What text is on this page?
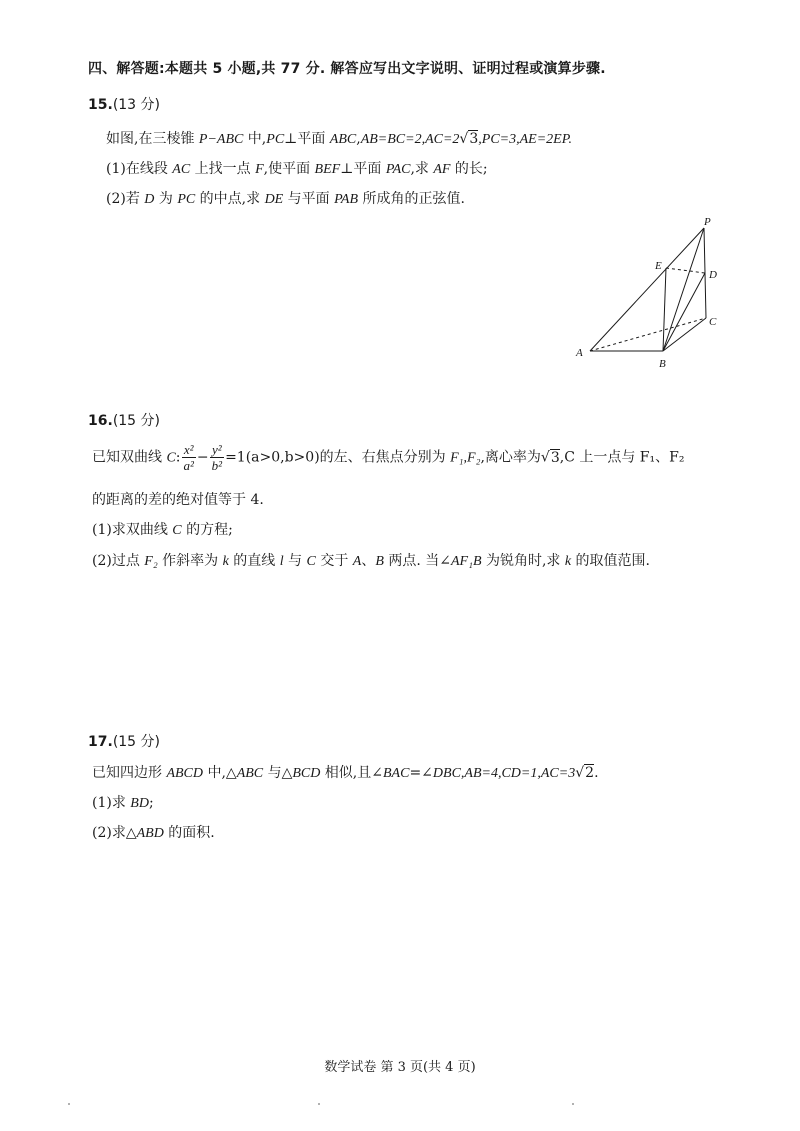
四、解答题:本题共 5 小题,共 77 分. 解答应写出文字说明、证明过程或演算步骤.
15.(13 分)
如图,在三棱锥 P−ABC 中,PC⊥平面 ABC,AB=BC=2,AC=2√3,PC=3,AE=2EP.
(1)在线段 AC 上找一点 F,使平面 BEF⊥平面 PAC,求 AF 的长;
(2)若 D 为 PC 的中点,求 DE 与平面 PAB 所成角的正弦值.
P
E
D
C
A
B
16.(15 分)
已知双曲线 C: $\frac{\text{x²}}{\text{a²}} - \frac{\text{y²}}{\text{b²}} =1(a>0,b>0)$的左、右焦点分别为 F₁,F₂,离心率为√3,C 上一点与 F₁、F₂
的距离的差的绝对值等于 4.
(1)求双曲线 C 的方程;
(2)过点 F₂ 作斜率为 k 的直线 l 与 C 交于 A、B 两点. 当∠AF₁B 为锐角时,求 k 的取值范围.
17.(15 分)
已知四边形 ABCD 中,△ABC 与△BCD 相似,且∠BAC=∠DBC,AB=4,CD=1,AC=3√2.
(1)求 BD;
(2)求△ABD 的面积.
数学试卷 第 3 页(共 4 页)
